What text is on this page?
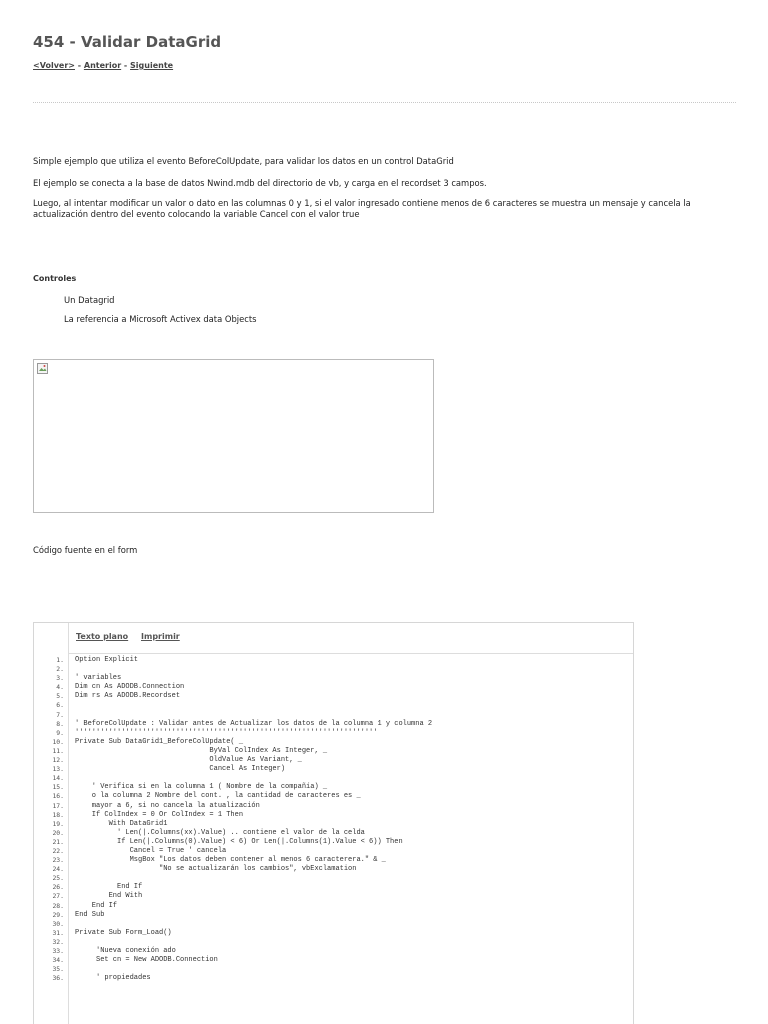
454 - Validar DataGrid
<Volver> - Anterior - Siguiente
Simple ejemplo que utiliza el evento BeforeColUpdate, para validar los datos en un control DataGrid
El ejemplo se conecta a la base de datos Nwind.mdb del directorio de vb, y carga en el recordset 3 campos.
Luego, al intentar modificar un valor o dato en las columnas 0 y 1, si el valor ingresado contiene menos de 6 caracteres se muestra un mensaje y cancela la actualización dentro del evento colocando la variable Cancel con el valor true
Controles
Un Datagrid
La referencia a Microsoft Activex data Objects
Código fuente en el form
Texto plano Imprimir
1. Option Explicit
2.
3. ' variables
4. Dim cn As ADODB.Connection
5. Dim rs As ADODB.Recordset
6.
7.
8. ' BeforeColUpdate : Validar antes de Actualizar los datos de la columna 1 y columna 2
9. ''''''''''''''''''''''''''''''''''''''''''''''''''''''''''''''''''''''''
10. Private Sub DataGrid1_BeforeColUpdate( _
11. ByVal ColIndex As Integer, _
12. OldValue As Variant, _
13. Cancel As Integer)
14.
15. ' Verifica si en la columna 1 ( Nombre de la compañía) _
16. o la columna 2 Nombre del cont. , la cantidad de caracteres es _
17. mayor a 6, si no cancela la atualización
18. If ColIndex = 0 Or ColIndex = 1 Then
19. With DataGrid1
20. ' Len(|.Columns(xx).Value) .. contiene el valor de la celda
21. If Len(|.Columns(0).Value) < 6) Or Len(|.Columns(1).Value < 6)) Then
22. Cancel = True ' cancela
23. MsgBox "Los datos deben contener al menos 6 caracterera." & _
24. "No se actualizarán los cambios", vbExclamation
25.
26. End If
27. End With
28. End If
29. End Sub
30.
31. Private Sub Form_Load()
32.
33. 'Nueva conexión ado
34. Set cn = New ADODB.Connection
35.
36. ' propiedades
